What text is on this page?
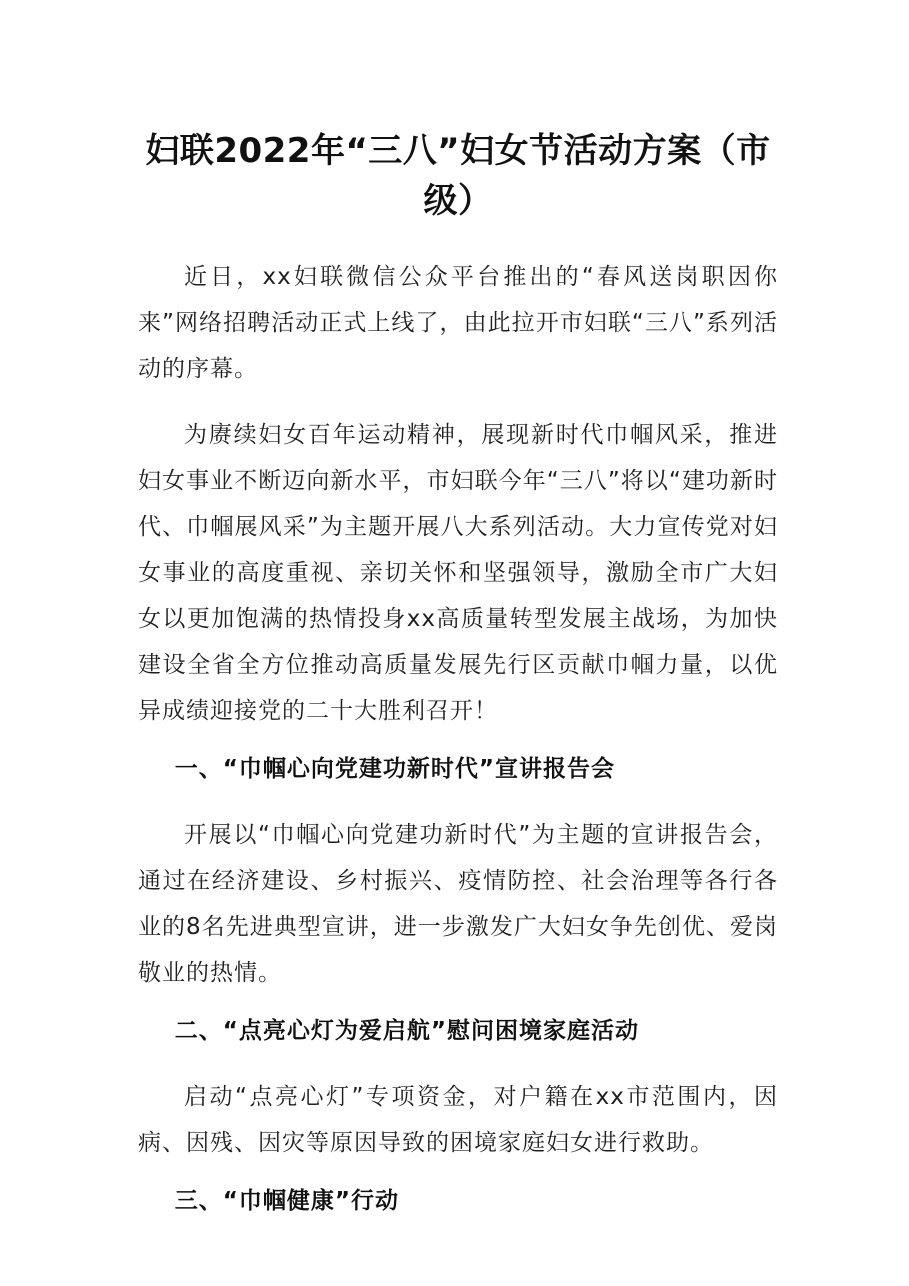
妇联2022年“三八”妇女节活动方案（市级）

近日，xx妇联微信公众平台推出的“春风送岗职因你来”网络招聘活动正式上线了，由此拉开市妇联“三八”系列活动的序幕。

为赓续妇女百年运动精神，展现新时代巾帼风采，推进妇女事业不断迈向新水平，市妇联今年“三八”将以“建功新时代、巾帼展风采”为主题开展八大系列活动。大力宣传党对妇女事业的高度重视、亲切关怀和坚强领导，激励全市广大妇女以更加饱满的热情投身xx高质量转型发展主战场，为加快建设全省全方位推动高质量发展先行区贡献巾帼力量，以优异成绩迎接党的二十大胜利召开！

一、“巾帼心向党建功新时代”宣讲报告会

开展以“巾帼心向党建功新时代”为主题的宣讲报告会，通过在经济建设、乡村振兴、疫情防控、社会治理等各行各业的8名先进典型宣讲，进一步激发广大妇女争先创优、爱岗敬业的热情。

二、“点亮心灯为爱启航”慰问困境家庭活动

启动“点亮心灯”专项资金，对户籍在xx市范围内，因病、因残、因灾等原因导致的困境家庭妇女进行救助。

三、“巾帼健康”行动
